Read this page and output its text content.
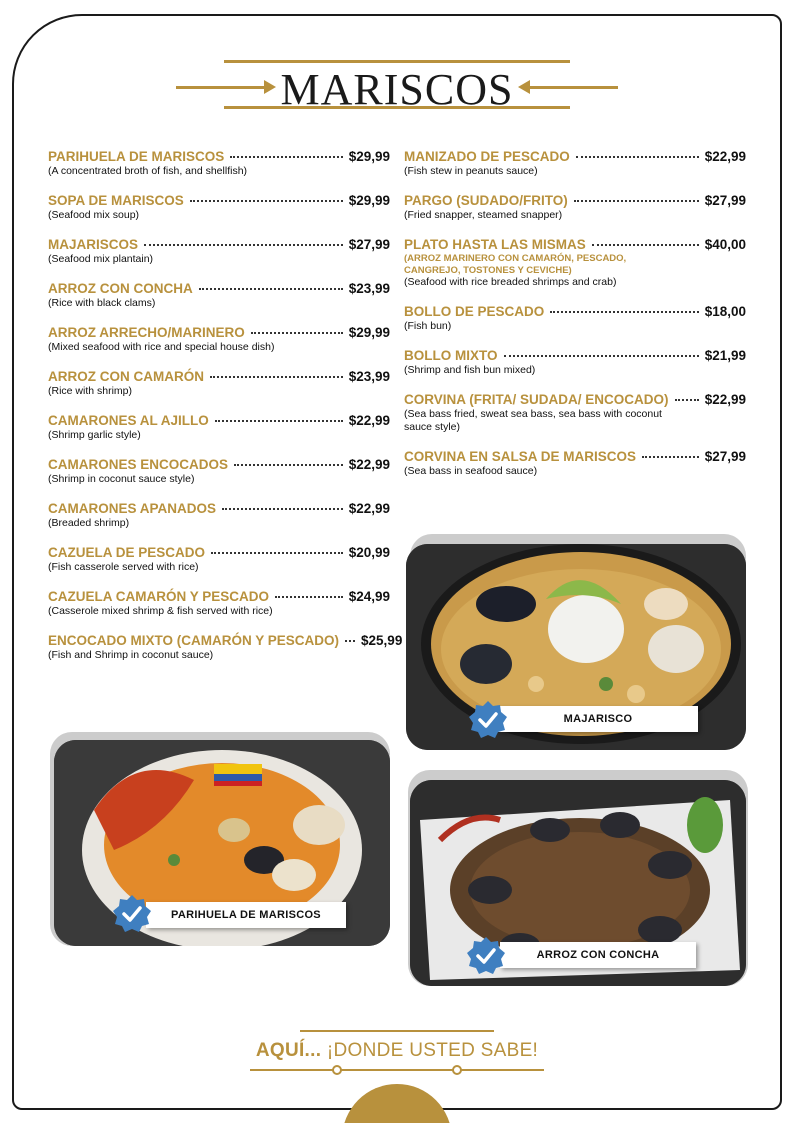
MARISCOS
PARIHUELA DE MARISCOS	$29,99
(A concentrated broth of fish, and shellfish)
SOPA DE MARISCOS	$29,99
(Seafood mix soup)
MAJARISCOS	$27,99
(Seafood mix plantain)
ARROZ CON CONCHA	$23,99
(Rice with black clams)
ARROZ ARRECHO/MARINERO	$29,99
(Mixed seafood with rice and special house dish)
ARROZ CON CAMARÓN	$23,99
(Rice with shrimp)
CAMARONES AL AJILLO	$22,99
(Shrimp garlic style)
CAMARONES ENCOCADOS	$22,99
(Shrimp in coconut sauce style)
CAMARONES APANADOS	$22,99
(Breaded shrimp)
CAZUELA DE PESCADO	$20,99
(Fish casserole served with rice)
CAZUELA CAMARÓN Y PESCADO	$24,99
(Casserole mixed shrimp & fish served with rice)
ENCOCADO MIXTO (CAMARÓN Y PESCADO) $25,99
(Fish and Shrimp in coconut sauce)
MANIZADO DE PESCADO	$22,99
(Fish stew in peanuts sauce)
PARGO (SUDADO/FRITO)	$27,99
(Fried snapper, steamed snapper)
PLATO HASTA LAS MISMAS	$40,00
(ARROZ MARINERO CON CAMARÓN, PESCADO, CANGREJO, TOSTONES Y CEVICHE)
(Seafood with rice breaded shrimps and crab)
BOLLO DE PESCADO	$18,00
(Fish bun)
BOLLO MIXTO	$21,99
(Shrimp and fish bun mixed)
CORVINA (FRITA/ SUDADA/ ENCOCADO)	$22,99
(Sea bass fried, sweat sea bass, sea bass with coconut sauce style)
CORVINA EN SALSA DE MARISCOS	$27,99
(Sea bass in seafood sauce)
MAJARISCO
PARIHUELA DE MARISCOS
ARROZ CON CONCHA
AQUÍ... ¡DONDE USTED SABE!
